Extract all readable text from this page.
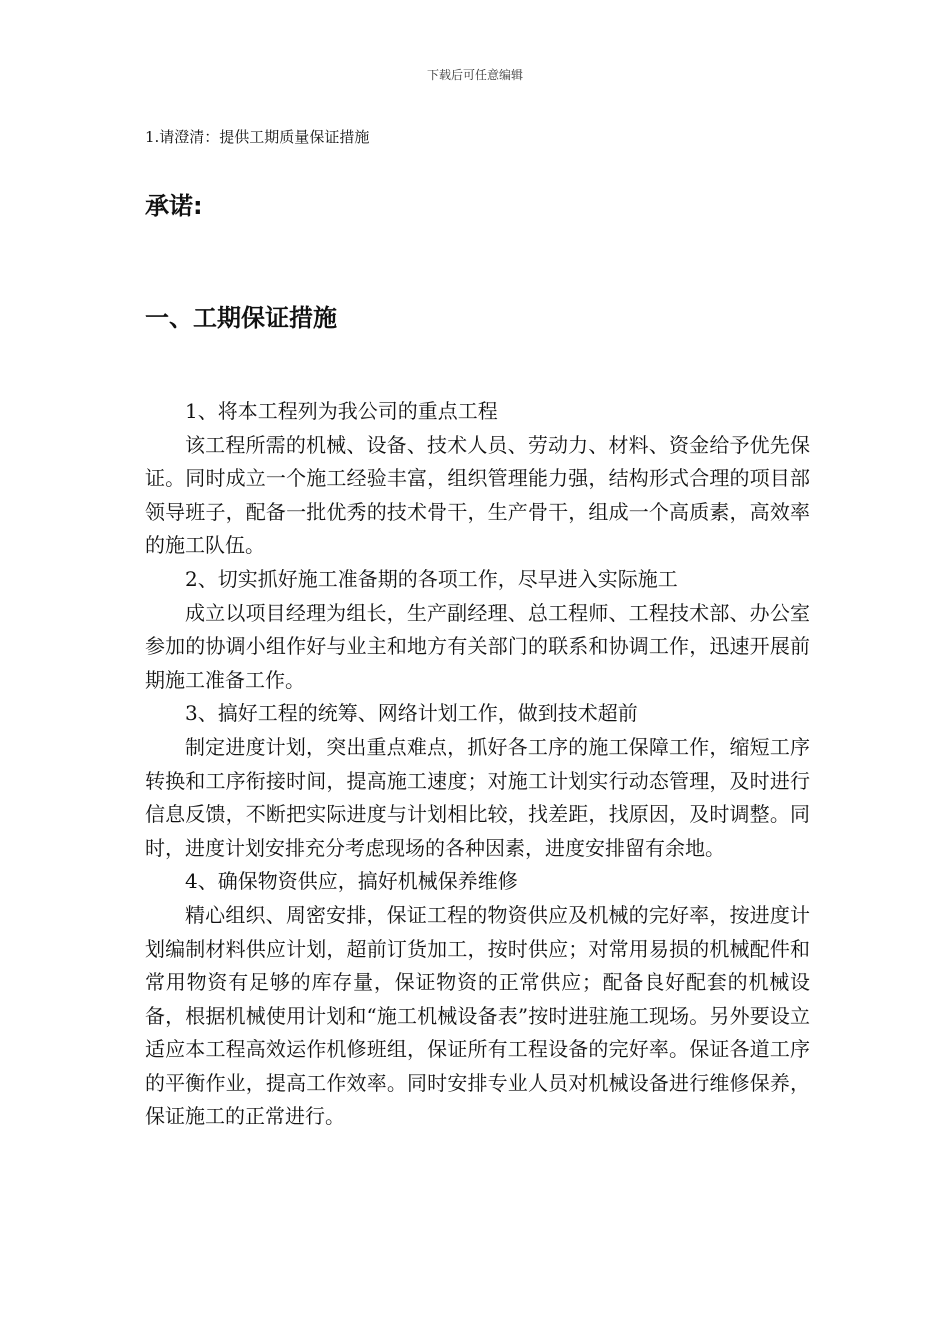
下载后可任意编辑
1.请澄清：提供工期质量保证措施
承诺:
一、工期保证措施

1、将本工程列为我公司的重点工程

该工程所需的机械、设备、技术人员、劳动力、材料、资金给予优先保证。同时成立一个施工经验丰富，组织管理能力强，结构形式合理的项目部领导班子，配备一批优秀的技术骨干，生产骨干，组成一个高质素，高效率的施工队伍。

2、切实抓好施工准备期的各项工作，尽早进入实际施工

成立以项目经理为组长，生产副经理、总工程师、工程技术部、办公室参加的协调小组作好与业主和地方有关部门的联系和协调工作，迅速开展前期施工准备工作。

3、搞好工程的统筹、网络计划工作，做到技术超前

制定进度计划，突出重点难点，抓好各工序的施工保障工作，缩短工序转换和工序衔接时间，提高施工速度；对施工计划实行动态管理，及时进行信息反馈，不断把实际进度与计划相比较，找差距，找原因，及时调整。同时，进度计划安排充分考虑现场的各种因素，进度安排留有余地。

4、确保物资供应，搞好机械保养维修

精心组织、周密安排，保证工程的物资供应及机械的完好率，按进度计划编制材料供应计划，超前订货加工，按时供应；对常用易损的机械配件和常用物资有足够的库存量，保证物资的正常供应；配备良好配套的机械设备，根据机械使用计划和“施工机械设备表”按时进驻施工现场。另外要设立适应本工程高效运作机修班组，保证所有工程设备的完好率。保证各道工序的平衡作业，提高工作效率。同时安排专业人员对机械设备进行维修保养，保证施工的正常进行。
